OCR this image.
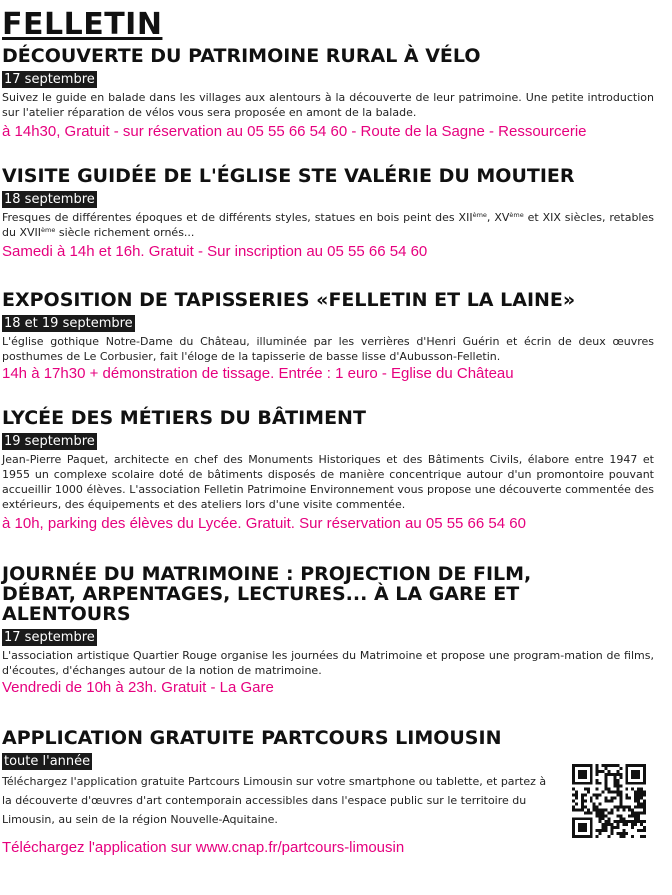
FELLETIN
DÉCOUVERTE DU PATRIMOINE RURAL À VÉLO
17 septembre

Suivez le guide en balade dans les villages aux alentours à la découverte de leur patrimoine. Une petite introduction sur l'atelier réparation de vélos vous sera proposée en amont de la balade.

à 14h30, Gratuit - sur réservation au 05 55 66 54 60 - Route de la Sagne - Ressourcerie
VISITE GUIDÉE DE L'ÉGLISE STE VALÉRIE DU MOUTIER
18 septembre

Fresques de différentes époques et de différents styles, statues en bois peint des XIIème, XVème et XIX siècles, retables du XVIIème siècle richement ornés...

Samedi à 14h et 16h. Gratuit - Sur inscription au 05 55 66 54 60
EXPOSITION DE TAPISSERIES «FELLETIN ET LA LAINE»
18 et 19 septembre

L'église gothique Notre-Dame du Château, illuminée par les verrières d'Henri Guérin et écrin de deux œuvres posthumes de Le Corbusier, fait l'éloge de la tapisserie de basse lisse d'Aubusson-Felletin.

14h à 17h30 + démonstration de tissage. Entrée : 1 euro - Eglise du Château
LYCÉE DES MÉTIERS DU BÂTIMENT
19 septembre

Jean-Pierre Paquet, architecte en chef des Monuments Historiques et des Bâtiments Civils, élabore entre 1947 et 1955 un complexe scolaire doté de bâtiments disposés de manière concentrique autour d'un promontoire pouvant accueillir 1000 élèves. L'association Felletin Patrimoine Environnement vous propose une découverte commentée des extérieurs, des équipements et des ateliers lors d'une visite commentée.

à 10h, parking des élèves du Lycée. Gratuit. Sur réservation au 05 55 66 54 60
JOURNÉE DU MATRIMOINE : PROJECTION DE FILM, DÉBAT, ARPENTAGES, LECTURES... À LA GARE ET ALENTOURS
17 septembre

L'association artistique Quartier Rouge organise les journées du Matrimoine et propose une program-mation de films, d'écoutes, d'échanges autour de la notion de matrimoine.

Vendredi de 10h à 23h. Gratuit - La Gare
APPLICATION GRATUITE PARTCOURS LIMOUSIN
toute l'année

Téléchargez l'application gratuite Partcours Limousin sur votre smartphone ou tablette, et partez à la découverte d'œuvres d'art contemporain accessibles dans l'espace public sur le territoire du Limousin, au sein de la région Nouvelle-Aquitaine.

Téléchargez l'application sur www.cnap.fr/partcours-limousin
